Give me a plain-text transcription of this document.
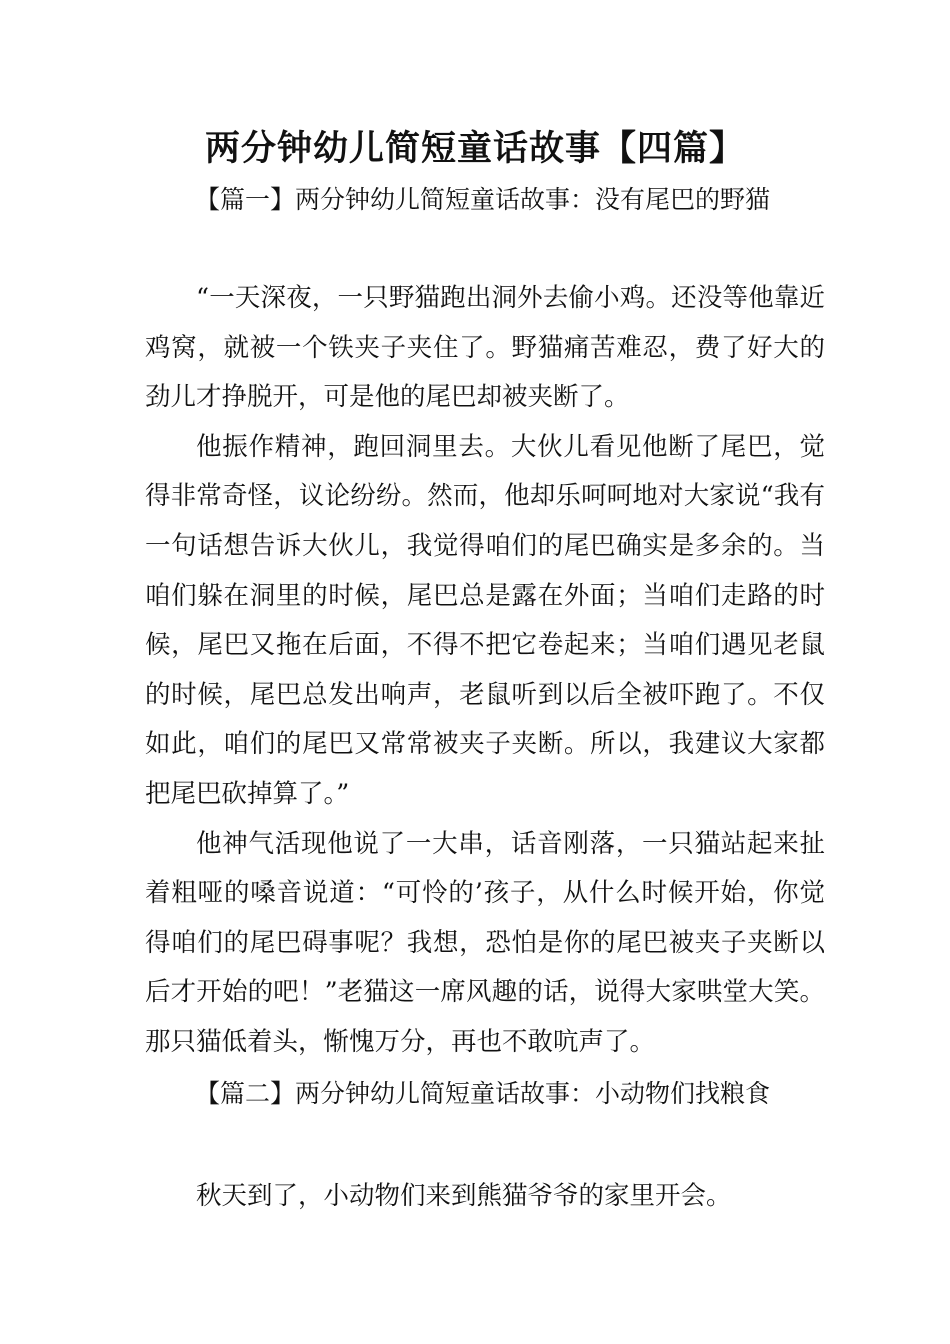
两分钟幼儿简短童话故事【四篇】
【篇一】两分钟幼儿简短童话故事：没有尾巴的野猫

“一天深夜，一只野猫跑出洞外去偷小鸡。还没等他靠近鸡窝，就被一个铁夹子夹住了。野猫痛苦难忍，费了好大的劲儿才挣脱开，可是他的尾巴却被夹断了。

他振作精神，跑回洞里去。大伙儿看见他断了尾巴，觉得非常奇怪，议论纷纷。然而，他却乐呵呵地对大家说“我有一句话想告诉大伙儿，我觉得咱们的尾巴确实是多余的。当咱们躲在洞里的时候，尾巴总是露在外面；当咱们走路的时候，尾巴又拖在后面，不得不把它卷起来；当咱们遇见老鼠的时候，尾巴总发出响声，老鼠听到以后全被吓跑了。不仅如此，咱们的尾巴又常常被夹子夹断。所以，我建议大家都把尾巴砍掉算了。”

他神气活现他说了一大串，话音刚落，一只猫站起来扯着粗哑的嗓音说道：“可怜的’孩子，从什么时候开始，你觉得咱们的尾巴碍事呢？我想，恐怕是你的尾巴被夹子夹断以后才开始的吧！”老猫这一席风趣的话，说得大家哄堂大笑。那只猫低着头，惭愧万分，再也不敢吭声了。

【篇二】两分钟幼儿简短童话故事：小动物们找粮食

秋天到了，小动物们来到熊猫爷爷的家里开会。
